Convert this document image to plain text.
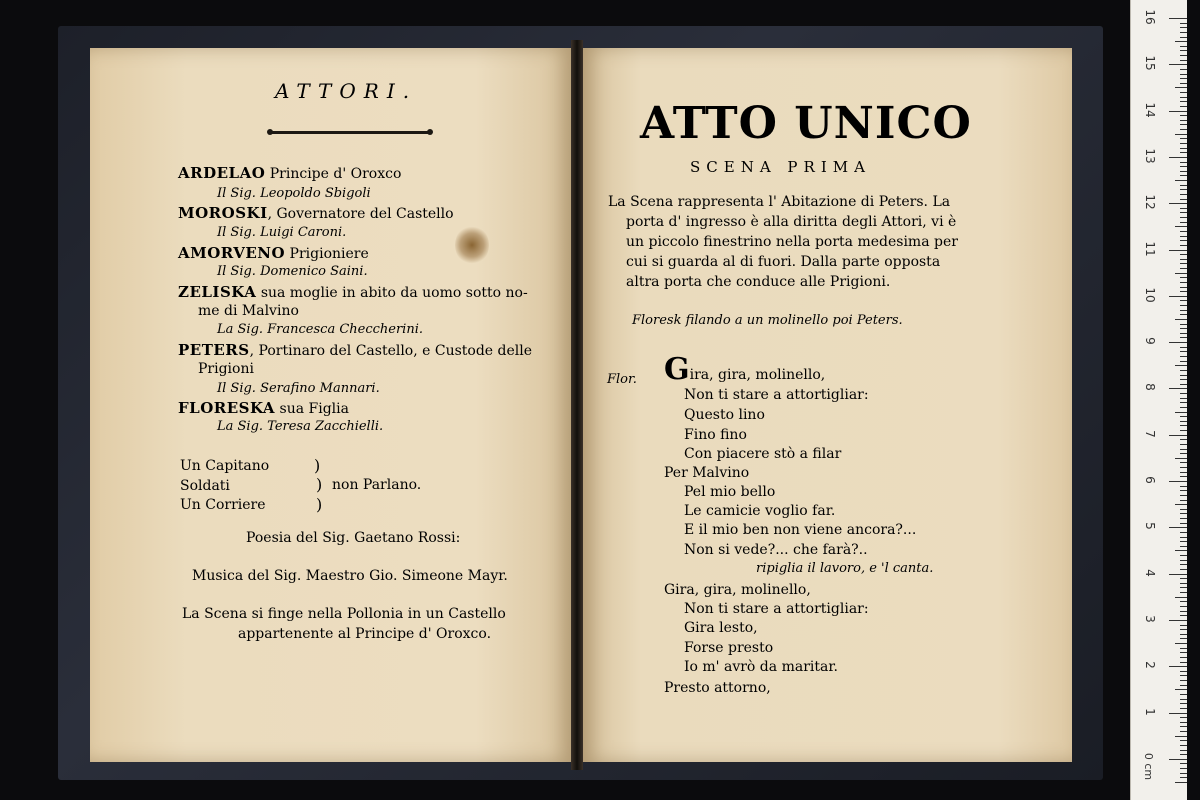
ATTORI.
ARDELAO Principe d' Oroxco
Il Sig. Leopoldo Sbigoli
MOROSKI, Governatore del Castello
Il Sig. Luigi Caroni.
AMORVENO Prigioniere
Il Sig. Domenico Saini.
ZELISKA sua moglie in abito da uomo sotto no-
me di Malvino
La Sig. Francesca Checcherini.
PETERS, Portinaro del Castello, e Custode delle
Prigioni
Il Sig. Serafino Mannari.
FLORESKA sua Figlia
La Sig. Teresa Zacchielli.
Un Capitano
Soldati
Un Corriere
)
)
)
non Parlano.
Poesia del Sig. Gaetano Rossi:
Musica del Sig. Maestro Gio. Simeone Mayr.
La Scena si finge nella Pollonia in un Castello
appartenente al Principe d' Oroxco.
ATTO UNICO
SCENA PRIMA
La Scena rappresenta l' Abitazione di Peters. La
porta d' ingresso è alla diritta degli Attori, vi è
un piccolo finestrino nella porta medesima per
cui si guarda al di fuori. Dalla parte opposta
altra porta che conduce alle Prigioni.
Floresk filando a un molinello poi Peters.
Flor. Gira, gira, molinello,
Non ti stare a attortigliar:
Questo lino
Fino fino
Con piacere stò a filar
Per Malvino
Pel mio bello
Le camicie voglio far.
E il mio ben non viene ancora?...
Non si vede?... che farà?..
ripiglia il lavoro, e 'l canta.
Gira, gira, molinello,
Non ti stare a attortigliar:
Gira lesto,
Forse presto
Io m' avrò da maritar.
Presto attorno,
16
15
14
13
12
11
10
9
8
7
6
5
4
3
2
1
0 cm
